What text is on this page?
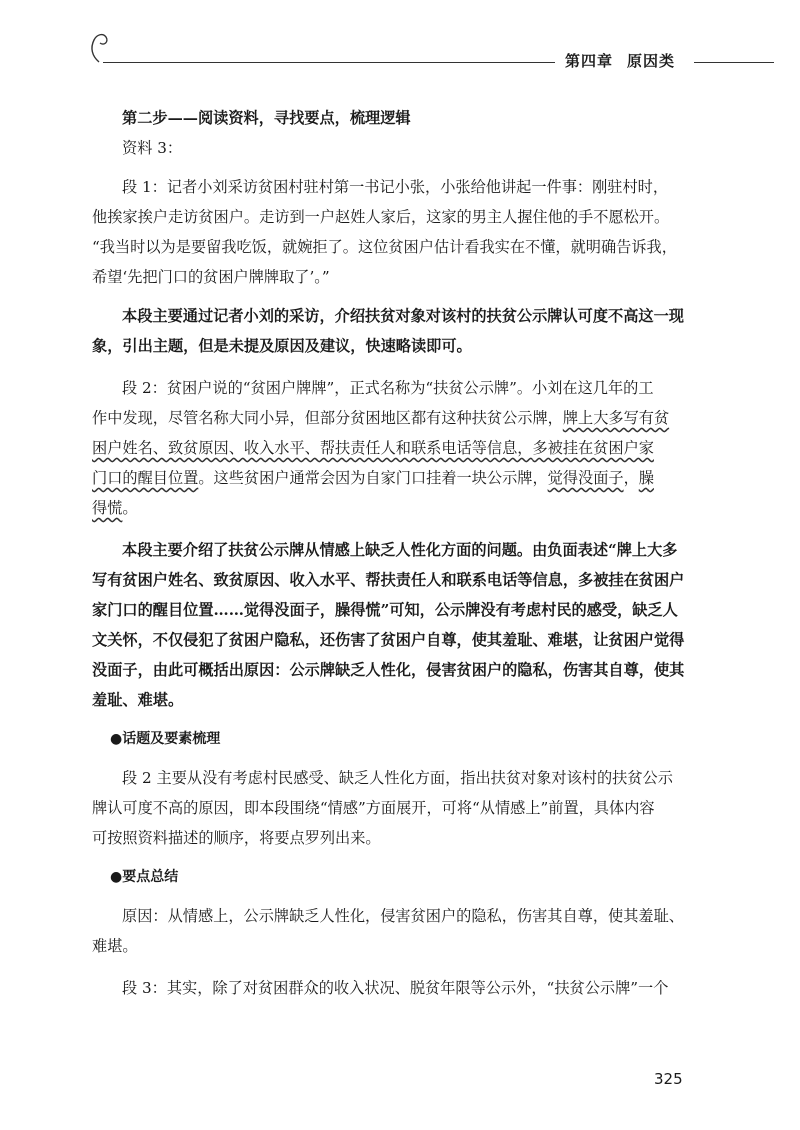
第四章 原因类
第二步——阅读资料，寻找要点，梳理逻辑
资料 3：
段 1：记者小刘采访贫困村驻村第一书记小张，小张给他讲起一件事：刚驻村时，
他挨家挨户走访贫困户。走访到一户赵姓人家后，这家的男主人握住他的手不愿松开。
“我当时以为是要留我吃饭，就婉拒了。这位贫困户估计看我实在不懂，就明确告诉我，
希望‘先把门口的贫困户牌牌取了’。”
本段主要通过记者小刘的采访，介绍扶贫对象对该村的扶贫公示牌认可度不高这一现
象，引出主题，但是未提及原因及建议，快速略读即可。
段 2：贫困户说的“贫困户牌牌”，正式名称为“扶贫公示牌”。小刘在这几年的工
作中发现，尽管名称大同小异，但部分贫困地区都有这种扶贫公示牌，牌上大多写有贫
困户姓名、致贫原因、收入水平、帮扶责任人和联系电话等信息，多被挂在贫困户家
门口的醒目位置。这些贫困户通常会因为自家门口挂着一块公示牌，觉得没面子，臊
得慌。
本段主要介绍了扶贫公示牌从情感上缺乏人性化方面的问题。由负面表述“牌上大多
写有贫困户姓名、致贫原因、收入水平、帮扶责任人和联系电话等信息，多被挂在贫困户
家门口的醒目位置……觉得没面子，臊得慌”可知，公示牌没有考虑村民的感受，缺乏人
文关怀，不仅侵犯了贫困户隐私，还伤害了贫困户自尊，使其羞耻、难堪，让贫困户觉得
没面子，由此可概括出原因：公示牌缺乏人性化，侵害贫困户的隐私，伤害其自尊，使其
羞耻、难堪。
●话题及要素梳理
段 2 主要从没有考虑村民感受、缺乏人性化方面，指出扶贫对象对该村的扶贫公示
牌认可度不高的原因，即本段围绕“情感”方面展开，可将“从情感上”前置，具体内容
可按照资料描述的顺序，将要点罗列出来。
●要点总结
原因：从情感上，公示牌缺乏人性化，侵害贫困户的隐私，伤害其自尊，使其羞耻、
难堪。
段 3：其实，除了对贫困群众的收入状况、脱贫年限等公示外，“扶贫公示牌”一个
325
